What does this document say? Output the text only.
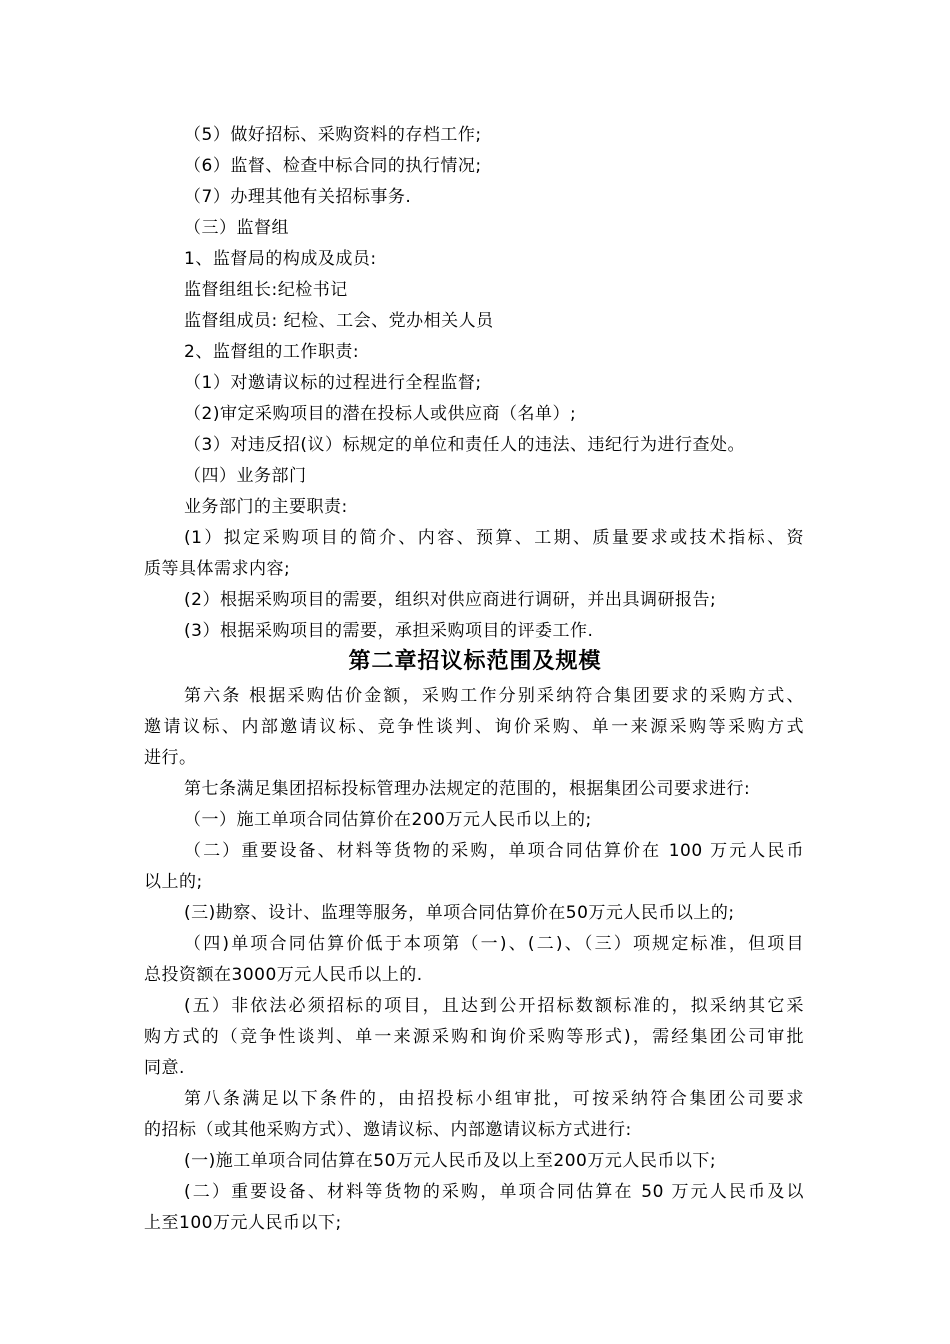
（5）做好招标、采购资料的存档工作;
（6）监督、检查中标合同的执行情况;
（7）办理其他有关招标事务.
（三）监督组
1、监督局的构成及成员:
监督组组长:纪检书记
监督组成员: 纪检、工会、党办相关人员
2、监督组的工作职责:
（1）对邀请议标的过程进行全程监督;
（2)审定采购项目的潜在投标人或供应商（名单）;
（3）对违反招(议）标规定的单位和责任人的违法、违纪行为进行查处。
（四）业务部门
业务部门的主要职责:
(1）拟定采购项目的简介、内容、预算、工期、质量要求或技术指标、资
质等具体需求内容;
(2）根据采购项目的需要，组织对供应商进行调研，并出具调研报告;
(3）根据采购项目的需要，承担采购项目的评委工作.
第二章招议标范围及规模
第六条 根据采购估价金额，采购工作分别采纳符合集团要求的采购方式、
邀请议标、内部邀请议标、竞争性谈判、询价采购、单一来源采购等采购方式
进行。
第七条满足集团招标投标管理办法规定的范围的，根据集团公司要求进行:
（一）施工单项合同估算价在200万元人民币以上的;
（二）重要设备、材料等货物的采购，单项合同估算价在 100 万元人民币
以上的;
(三)勘察、设计、监理等服务，单项合同估算价在50万元人民币以上的;
（四)单项合同估算价低于本项第（一)、(二)、（三）项规定标准，但项目
总投资额在3000万元人民币以上的.
(五）非依法必须招标的项目，且达到公开招标数额标准的，拟采纳其它采
购方式的（竞争性谈判、单一来源采购和询价采购等形式)，需经集团公司审批
同意.
第八条满足以下条件的，由招投标小组审批，可按采纳符合集团公司要求
的招标（或其他采购方式）、邀请议标、内部邀请议标方式进行:
(一)施工单项合同估算在50万元人民币及以上至200万元人民币以下;
(二）重要设备、材料等货物的采购，单项合同估算在 50 万元人民币及以
上至100万元人民币以下;
